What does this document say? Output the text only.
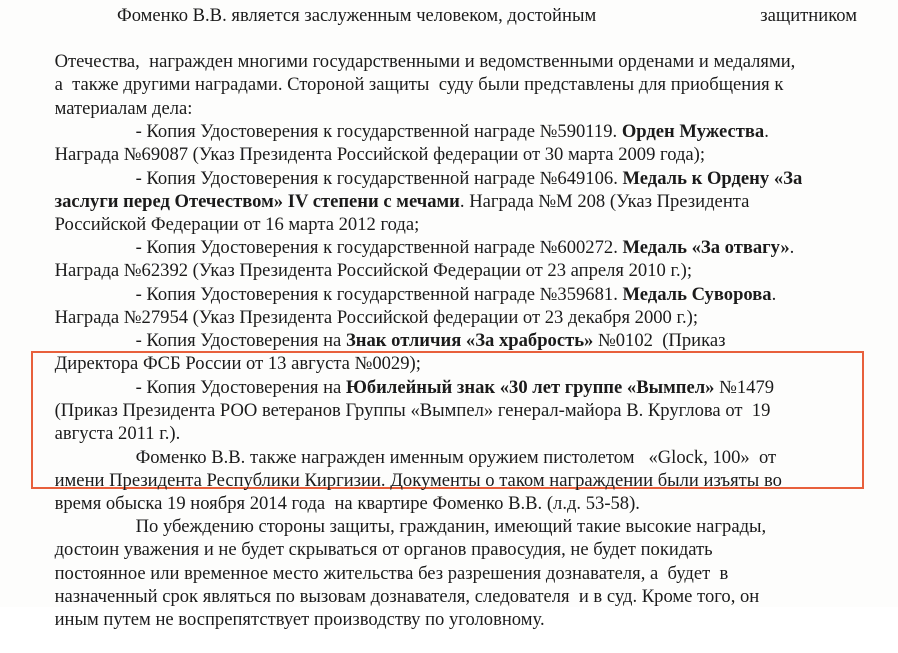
Фоменко В.В. является заслуженным человеком, достойным	защитником

Отечества,  награжден многими государственными и ведомственными орденами и медалями,

а  также другими наградами. Стороной защиты  суду были представлены для приобщения к

материалам дела:

- Копия Удостоверения к государственной награде №590119. Орден Мужества.

Награда №69087 (Указ Президента Российской федерации от 30 марта 2009 года);

- Копия Удостоверения к государственной награде №649106. Медаль к Ордену «За

заслуги перед Отечеством» IV степени с мечами. Награда №М 208 (Указ Президента

Российской Федерации от 16 марта 2012 года;

- Копия Удостоверения к государственной награде №600272. Медаль «За отвагу».

Награда №62392 (Указ Президента Российской Федерации от 23 апреля 2010 г.);

- Копия Удостоверения к государственной награде №359681. Медаль Суворова.

Награда №27954 (Указ Президента Российской федерации от 23 декабря 2000 г.);

- Копия Удостоверения на Знак отличия «За храбрость» №0102  (Приказ

Директора ФСБ России от 13 августа №0029);

- Копия Удостоверения на Юбилейный знак «30 лет группе «Вымпел» №1479

(Приказ Президента РОО ветеранов Группы «Вымпел» генерал-майора В. Круглова от  19

августа 2011 г.).

Фоменко В.В. также награжден именным оружием пистолетом   «Glock, 100»  от

имени Президента Республики Киргизии. Документы о таком награждении были изъяты во

время обыска 19 ноября 2014 года  на квартире Фоменко В.В. (л.д. 53-58).

По убеждению стороны защиты, гражданин, имеющий такие высокие награды,

достоин уважения и не будет скрываться от органов правосудия, не будет покидать

постоянное или временное место жительства без разрешения дознавателя, а  будет  в

назначенный срок являться по вызовам дознавателя, следователя  и в суд. Кроме того, он

иным путем не воспрепятствует производству по уголовному.
